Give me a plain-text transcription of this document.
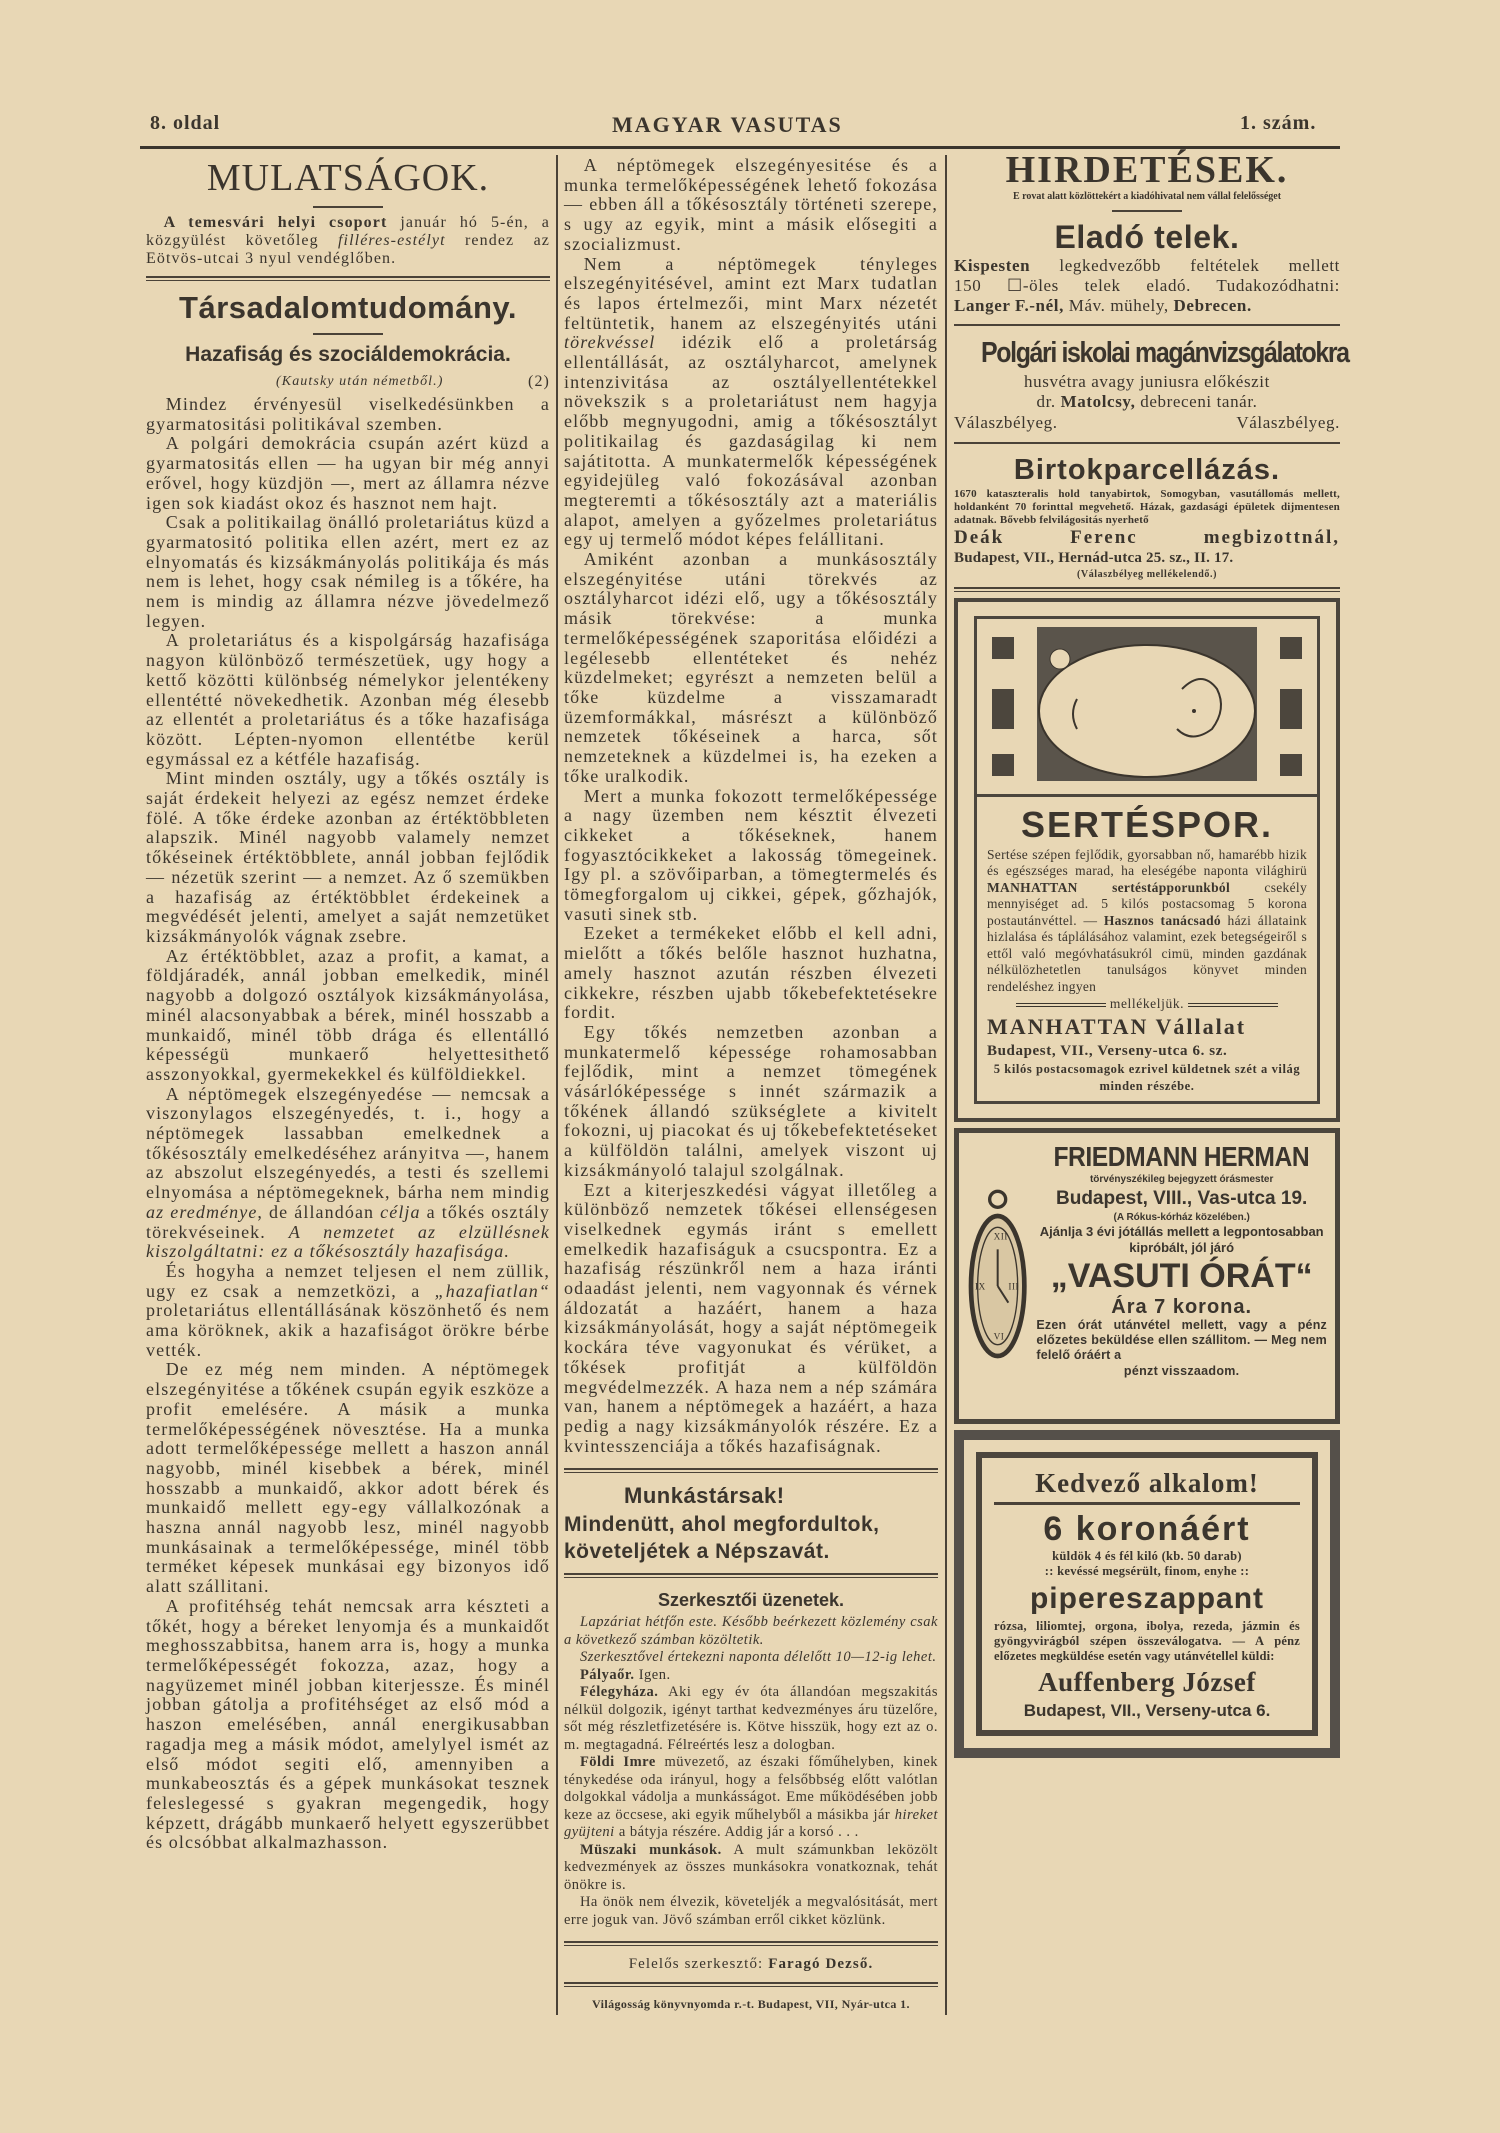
8. oldal	MAGYAR VASUTAS	1. szám.
MULATSÁGOK.

A temesvári helyi csoport január hó 5-én, a közgyülést követőleg filléres-estélyt rendez az Eötvös-utcai 3 nyul vendéglőben.

Társadalomtudomány.
Hazafiság és szociáldemokrácia.
(Kautsky után németből.)	(2)

Mindez érvényesül viselkedésünkben a gyarmatositási politikával szemben.

A polgári demokrácia csupán azért küzd a gyarmatositás ellen — ha ugyan bir még annyi erővel, hogy küzdjön —, mert az államra nézve igen sok kiadást okoz és hasznot nem hajt.

Csak a politikailag önálló proletariátus küzd a gyarmatositó politika ellen azért, mert ez az elnyomatás és kizsákmányolás politikája és más nem is lehet, hogy csak némileg is a tőkére, ha nem is mindig az államra nézve jövedelmező legyen.

A proletariátus és a kispolgárság hazafisága nagyon különböző természetüek, ugy hogy a kettő közötti különbség némelykor jelentékeny ellentétté növekedhetik. Azonban még élesebb az ellentét a proletariátus és a tőke hazafisága között. Lépten-nyomon ellentétbe kerül egymással ez a kétféle hazafiság.

Mint minden osztály, ugy a tőkés osztály is saját érdekeit helyezi az egész nemzet érdeke fölé. A tőke érdeke azonban az értéktöbbleten alapszik. Minél nagyobb valamely nemzet tőkéseinek értéktöbblete, annál jobban fejlődik — nézetük szerint — a nemzet. Az ő szemükben a hazafiság az értéktöbblet érdekeinek a megvédését jelenti, amelyet a saját nemzetüket kizsákmányolók vágnak zsebre.

Az értéktöbblet, azaz a profit, a kamat, a földjáradék, annál jobban emelkedik, minél nagyobb a dolgozó osztályok kizsákmányolása, minél alacsonyabbak a bérek, minél hosszabb a munkaidő, minél több drága és ellentálló képességü munkaerő helyettesithető asszonyokkal, gyermekekkel és külföldiekkel.

A néptömegek elszegényedése — nemcsak a viszonylagos elszegényedés, t. i., hogy a néptömegek lassabban emelkednek a tőkésosztály emelkedéséhez arányitva —, hanem az abszolut elszegényedés, a testi és szellemi elnyomása a néptömegeknek, bárha nem mindig az eredménye, de állandóan célja a tőkés osztály törekvéseinek. A nemzetet az elzüllésnek kiszolgáltatni: ez a tőkésosztály hazafisága.

És hogyha a nemzet teljesen el nem züllik, ugy ez csak a nemzetközi, a „hazafiatlan“ proletariátus ellentállásának köszönhető és nem ama köröknek, akik a hazafiságot örökre bérbe vették.

De ez még nem minden. A néptömegek elszegényitése a tőkének csupán egyik eszköze a profit emelésére. A másik a munka termelőképességének növesztése. Ha a munka adott termelőképessége mellett a haszon annál nagyobb, minél kisebbek a bérek, minél hosszabb a munkaidő, akkor adott bérek és munkaidő mellett egy-egy vállalkozónak a haszna annál nagyobb lesz, minél nagyobb munkásainak a termelőképessége, minél több terméket képesek munkásai egy bizonyos idő alatt szállitani.

A profitéhség tehát nemcsak arra készteti a tőkét, hogy a béreket lenyomja és a munkaidőt meghosszabbitsa, hanem arra is, hogy a munka termelőképességét fokozza, azaz, hogy a nagyüzemet minél jobban kiterjessze. És minél jobban gátolja a profitéhséget az első mód a haszon emelésében, annál energikusabban ragadja meg a másik módot, amelylyel ismét az első módot segiti elő, amennyiben a munkabeosztás és a gépek munkásokat tesznek feleslegessé s gyakran megengedik, hogy képzett, drágább munkaerő helyett egyszerübbet és olcsóbbat alkalmazhasson.

A néptömegek elszegényesitése és a munka termelőképességének lehető fokozása — ebben áll a tőkésosztály történeti szerepe, s ugy az egyik, mint a másik elősegiti a szocializmust.

Nem a néptömegek tényleges elszegényitésével, amint ezt Marx tudatlan és lapos értelmezői, mint Marx nézetét feltüntetik, hanem az elszegényités utáni törekvéssel idézik elő a proletárság ellentállását, az osztályharcot, amelynek intenzivitása az osztályellentétekkel növekszik s a proletariátust nem hagyja előbb megnyugodni, amig a tőkésosztályt politikailag és gazdaságilag ki nem sajátitotta. A munkatermelők képességének egyidejüleg való fokozásával azonban megteremti a tőkésosztály azt a materiális alapot, amelyen a győzelmes proletariátus egy uj termelő módot képes felállitani.

Amiként azonban a munkásosztály elszegényitése utáni törekvés az osztályharcot idézi elő, ugy a tőkésosztály másik törekvése: a munka termelőképességének szaporitása előidézi a legélesebb ellentéteket és nehéz küzdelmeket; egyrészt a nemzeten belül a tőke küzdelme a visszamaradt üzemformákkal, másrészt a különböző nemzetek tőkéseinek a harca, sőt nemzeteknek a küzdelmei is, ha ezeken a tőke uralkodik.

Mert a munka fokozott termelőképessége a nagy üzemben nem késztit élvezeti cikkeket a tőkéseknek, hanem fogyasztócikkeket a lakosság tömegeinek. Igy pl. a szövőiparban, a tömegtermelés és tömegforgalom uj cikkei, gépek, gőzhajók, vasuti sinek stb.

Ezeket a termékeket előbb el kell adni, mielőtt a tőkés belőle hasznot huzhatna, amely hasznot azután részben élvezeti cikkekre, részben ujabb tőkebefektetésekre fordit.

Egy tőkés nemzetben azonban a munkatermelő képessége rohamosabban fejlődik, mint a nemzet tömegének vásárlóképessége s innét származik a tőkének állandó szükséglete a kivitelt fokozni, uj piacokat és uj tőkebefektetéseket a külföldön találni, amelyek viszont uj kizsákmányoló talajul szolgálnak.

Ezt a kiterjeszkedési vágyat illetőleg a különböző nemzetek tőkései ellenségesen viselkednek egymás iránt s emellett emelkedik hazafiságuk a csucspontra. Ez a hazafiság részünkről nem a haza iránti odaadást jelenti, nem vagyonnak és vérnek áldozatát a hazáért, hanem a haza kizsákmányolását, hogy a saját néptömegeik kockára téve vagyonukat és vérüket, a tőkések profitját a külföldön megvédelmezzék. A haza nem a nép számára van, hanem a néptömegek a hazáért, a haza pedig a nagy kizsákmányolók részére. Ez a kvintesszenciája a tőkés hazafiságnak.

Munkástársak!
Mindenütt, ahol megfordultok,
követeljétek a Népszavát.
Szerkesztői üzenetek.

Lapzáriat hétfőn este. Később beérkezett közlemény csak a következő számban közöltetik.

Szerkesztővel értekezni naponta délelőtt 10—12-ig lehet.

Pályaőr. Igen.

Félegyháza. Aki egy év óta állandóan megszakitás nélkül dolgozik, igényt tarthat kedvezményes áru tüzelőre, sőt még részletfizetésére is. Kötve hisszük, hogy ezt az o. m. megtagadná. Félreértés lesz a dologban.

Földi Imre müvezető, az északi főműhelyben, kinek ténykedése oda irányul, hogy a felsőbbség előtt valótlan dolgokkal vádolja a munkásságot. Eme működésében jobb keze az öccsese, aki egyik műhelyből a másikba jár hireket gyüjteni a bátyja részére. Addig jár a korsó . . .

Müszaki munkások. A mult számunkban leközölt kedvezmények az összes munkásokra vonatkoznak, tehát önökre is.

Ha önök nem élvezik, követeljék a megvalósitását, mert erre joguk van. Jövő számban erről cikket közlünk.

Felelős szerkesztő: Faragó Dezső.
Világosság könyvnyomda r.-t. Budapest, VII, Nyár-utca 1.
HIRDETÉSEK.
E rovat alatt közlöttekért a kiadóhivatal nem vállal felelősséget
Eladó telek.
Kispesten legkedvezőbb feltételek mellett
150 ☐-öles telek eladó. Tudakozódhatni:
Langer F.-nél, Máv. mühely, Debrecen.
Polgári iskolai magánvizsgálatokra
husvétra avagy juniusra előkészit
dr. Matolcsy, debreceni tanár.
Válaszbélyeg.	Válaszbélyeg.
Birtokparcellázás.
1670 kataszteralis hold tanyabirtok, Somogyban, vasutállomás mellett, holdanként 70 forinttal megvehető. Házak, gazdasági épületek dijmentesen adatnak. Bővebb felvilágositás nyerhető
Deák Ferenc megbizottnál,
Budapest, VII., Hernád-utca 25. sz., II. 17.
(Válaszbélyeg mellékelendő.)
SERTÉSPOR.
Sertése szépen fejlődik, gyorsabban nő, hamarébb hizik és egészséges marad, ha eleségébe naponta világhirü MANHATTAN sertéstápporunkból csekély mennyiséget ad. 5 kilós postacsomag 5 korona postautánvéttel. — Hasznos tanácsadó házi állataink hizlalása és táplálásához valamint, ezek betegségeiről s ettől való megóvhatásukról cimü, minden gazdának nélkülözhetetlen tanulságos könyvet minden rendeléshez ingyen
mellékeljük.
MANHATTAN Vállalat
Budapest, VII., Verseny-utca 6. sz.
5 kilós postacsomagok ezrivel küldetnek szét a világ minden részébe.
XII
VI
IX III
FRIEDMANN HERMAN
törvényszékileg bejegyzett órásmester
Budapest, VIII., Vas-utca 19.
(A Rókus-kórház közelében.)
Ajánlja 3 évi jótállás mellett a legpontosabban kipróbált, jól járó
„VASUTI ÓRÁT“
Ára 7 korona.
Ezen órát utánvétel mellett, vagy a pénz előzetes beküldése ellen szállitom. — Meg nem felelő óráért a
pénzt visszaadom.
Kedvező alkalom!
6 koronáért
küldök 4 és fél kiló (kb. 50 darab)
:: kevéssé megsérült, finom, enyhe ::
pipereszappant
rózsa, liliomtej, orgona, ibolya, rezeda, jázmin és gyöngyvirágból szépen összeválogatva. — A pénz előzetes megküldése esetén vagy utánvétellel küldi:
Auffenberg József
Budapest, VII., Verseny-utca 6.
